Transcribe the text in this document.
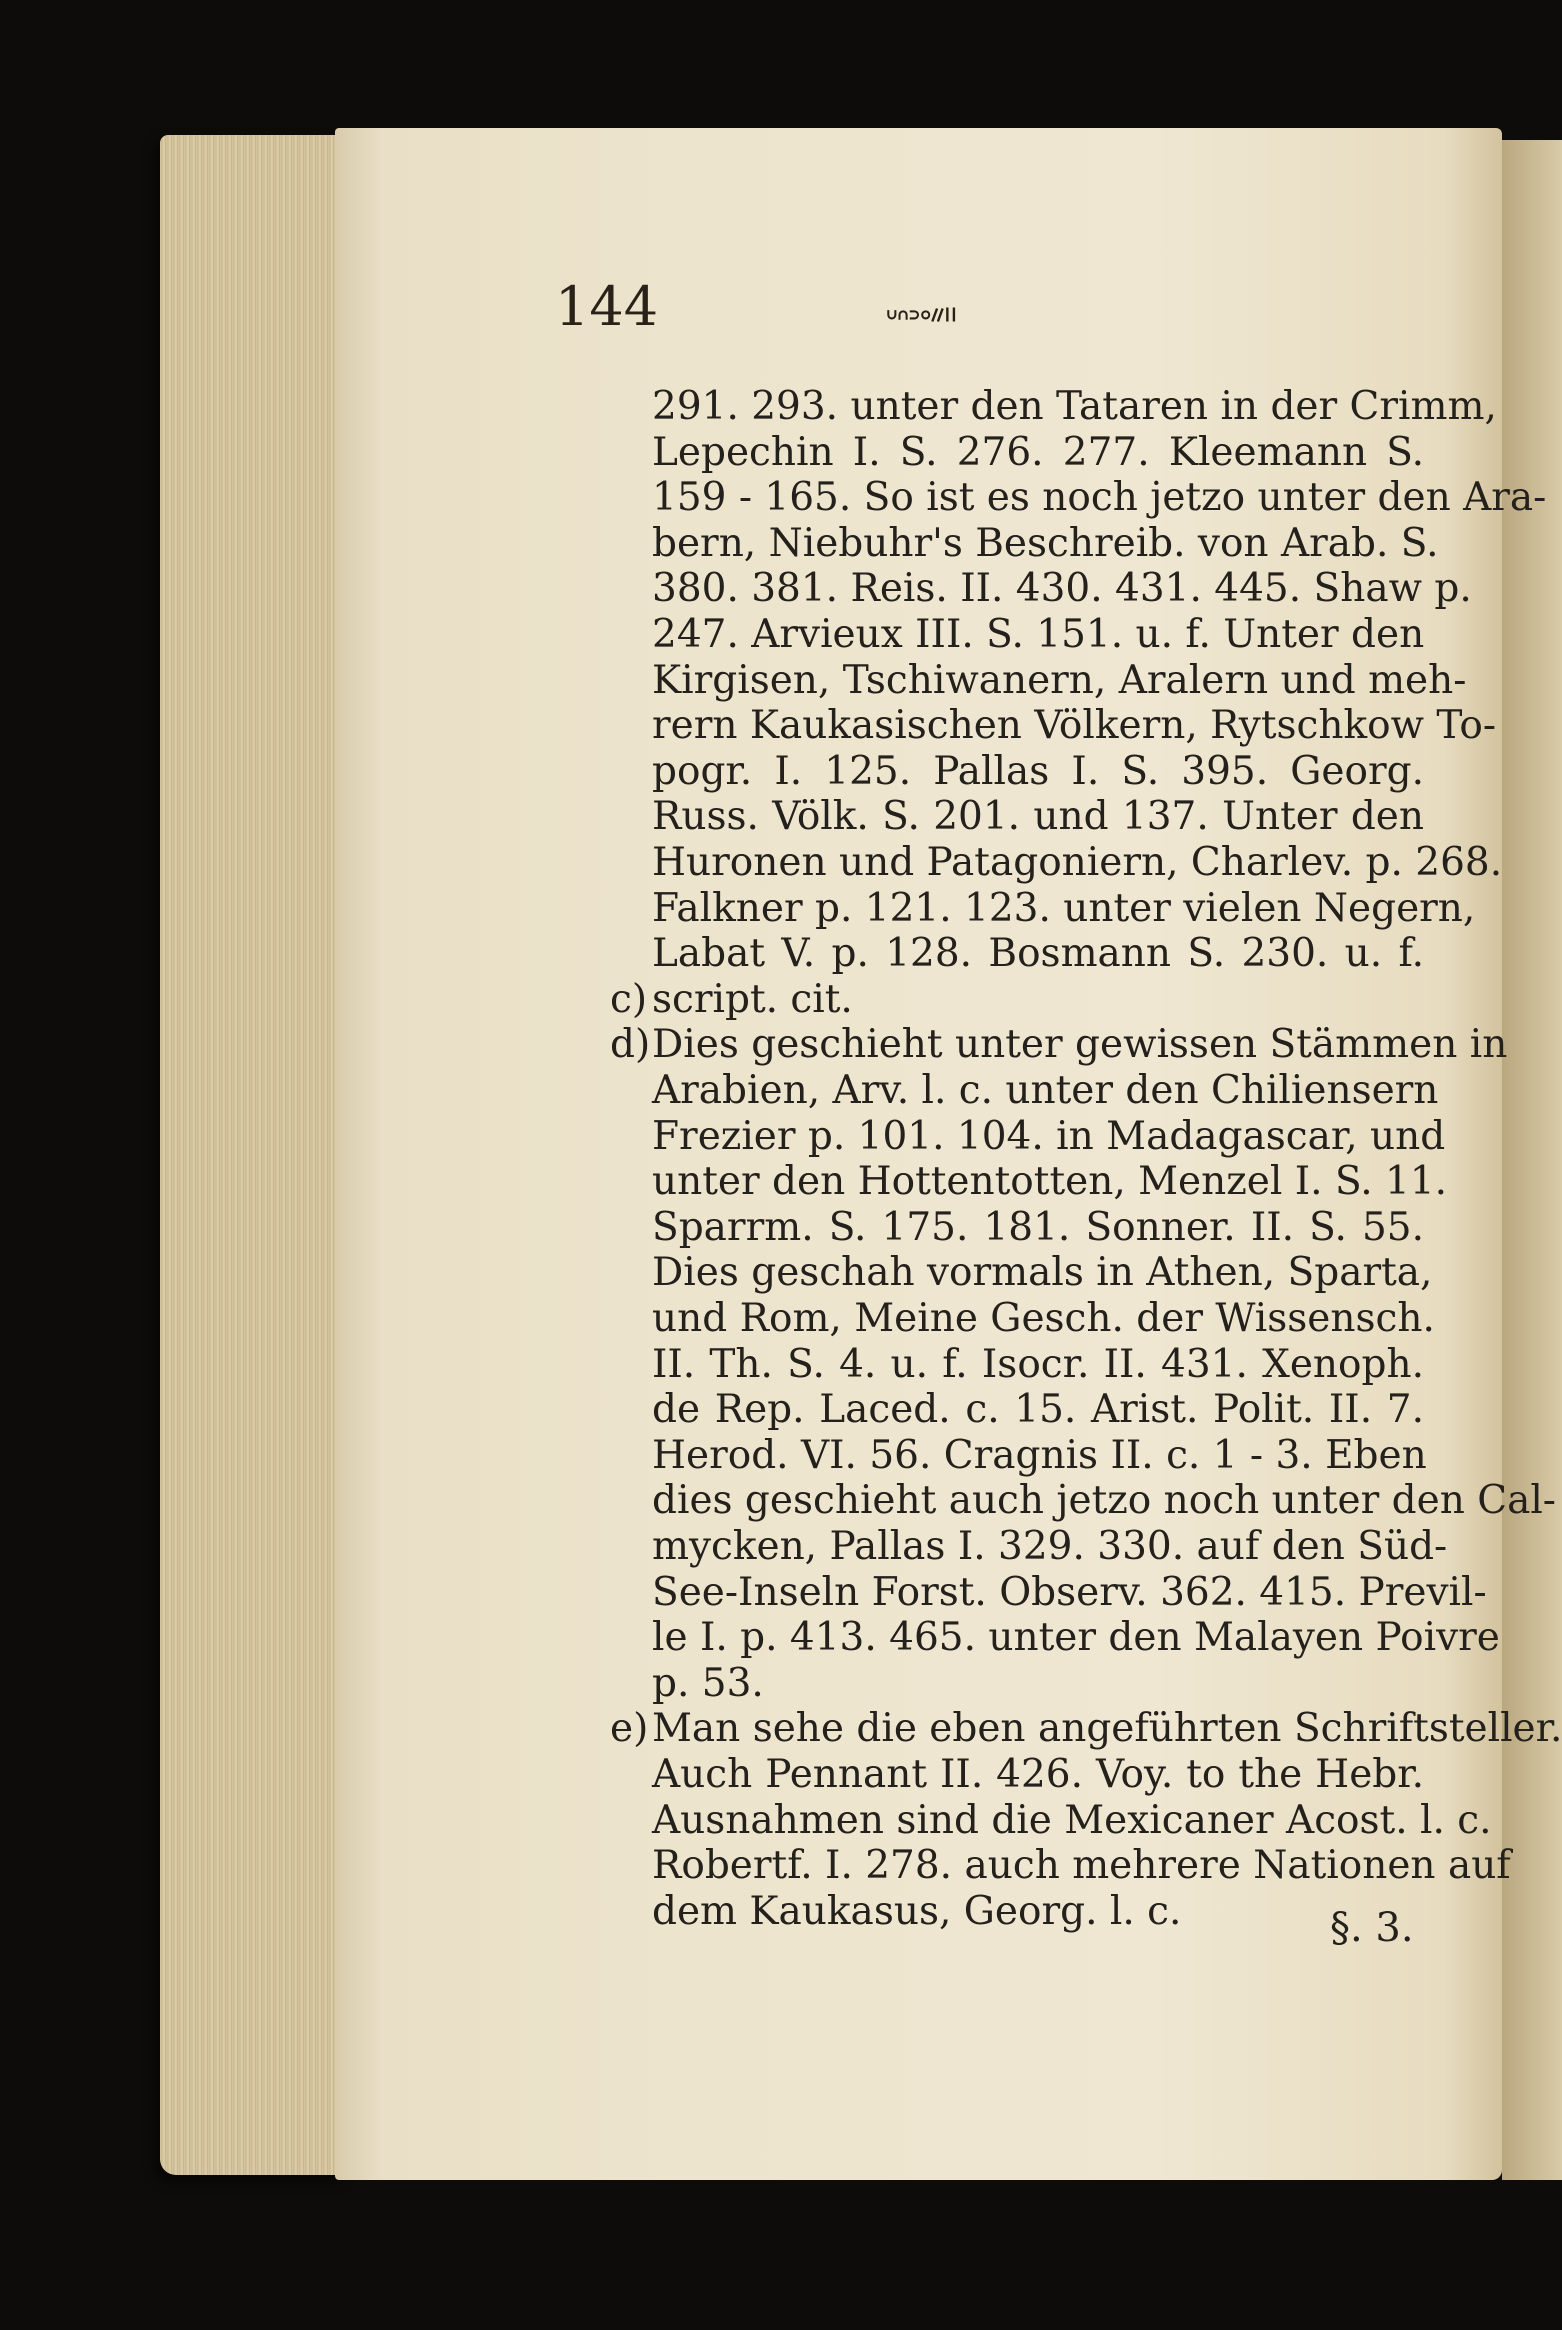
144	ᐡᐢᐣᐤᐥᐦ
291. 293. unter den Tataren in der Crimm,
Lepechin I. S. 276. 277. Kleemann S.
159 - 165. So ist es noch jetzo unter den Ara-
bern, Niebuhr's Beschreib. von Arab. S.
380. 381. Reis. II. 430. 431. 445. Shaw p.
247. Arvieux III. S. 151. u. f. Unter den
Kirgisen, Tschiwanern, Aralern und meh-
rern Kaukasischen Völkern, Rytschkow To-
pogr. I. 125. Pallas I. S. 395. Georg.
Russ. Völk. S. 201. und 137. Unter den
Huronen und Patagoniern, Charlev. p. 268.
Falkner p. 121. 123. unter vielen Negern,
Labat V. p. 128. Bosmann S. 230. u. f.
c) script. cit.
d) Dies geschieht unter gewissen Stämmen in
Arabien, Arv. l. c. unter den Chiliensern
Frezier p. 101. 104. in Madagascar, und
unter den Hottentotten, Menzel I. S. 11.
Sparrm. S. 175. 181. Sonner. II. S. 55.
Dies geschah vormals in Athen, Sparta,
und Rom, Meine Gesch. der Wissensch.
II. Th. S. 4. u. f. Isocr. II. 431. Xenoph.
de Rep. Laced. c. 15. Arist. Polit. II. 7.
Herod. VI. 56. Cragnis II. c. 1 - 3. Eben
dies geschieht auch jetzo noch unter den Cal-
mycken, Pallas I. 329. 330. auf den Süd-
See-Inseln Forst. Observ. 362. 415. Previl-
le I. p. 413. 465. unter den Malayen Poivre
p. 53.
e) Man sehe die eben angeführten Schriftsteller.
Auch Pennant II. 426. Voy. to the Hebr.
Ausnahmen sind die Mexicaner Acost. l. c.
Robertf. I. 278. auch mehrere Nationen auf
dem Kaukasus, Georg. l. c.	§. 3.
